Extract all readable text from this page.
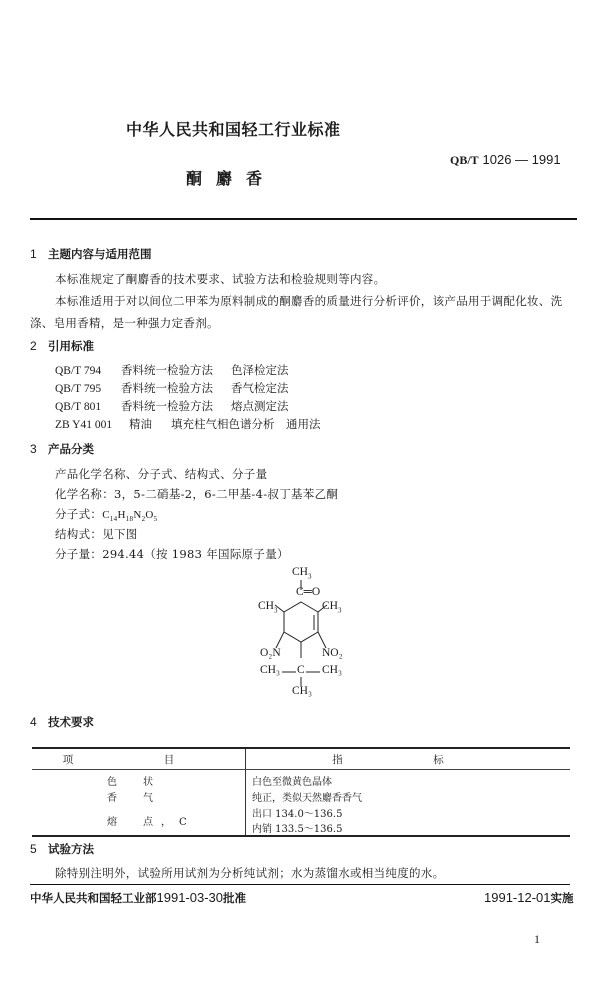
中华人民共和国轻工行业标准
QB/T 1026 — 1991
酮麝香
1 主题内容与适用范围
本标准规定了酮麝香的技术要求、试验方法和检验规则等内容。
本标准适用于对以间位二甲苯为原料制成的酮麝香的质量进行分析评价，该产品用于调配化妆、洗
涤、皂用香精，是一种强力定香剂。
2 引用标准
QB/T 794 香料统一检验方法 色泽检定法
QB/T 795 香料统一检验方法 香气检定法
QB/T 801 香料统一检验方法 熔点测定法
ZB Y41 001 精油 填充柱气相色谱分析　通用法
3 产品分类
产品化学名称、分子式、结构式、分子量
化学名称：3，5-二硝基-2，6-二甲基-4-叔丁基苯乙酮
分子式：$C_{14}H_{18}N_2O_5$
结构式：见下图
分子量：294.44（按 1983 年国际原子量）
$CH_3$
C═O
$CH_3$	$CH_3$
O₂N	NO₂
CH₃ C CH₃
CH₃
4 技术要求
项　目	指　标
色　状	白色至微黄色晶体
香　气	纯正，类似天然麝香香气
熔　点，C	出口 134.0～136.5
内销 133.5～136.5
5 试验方法
除特别注明外，试验所用试剂为分析纯试剂；水为蒸馏水或相当纯度的水。
中华人民共和国轻工业部1991-03-30批准	1991-12-01实施
1
